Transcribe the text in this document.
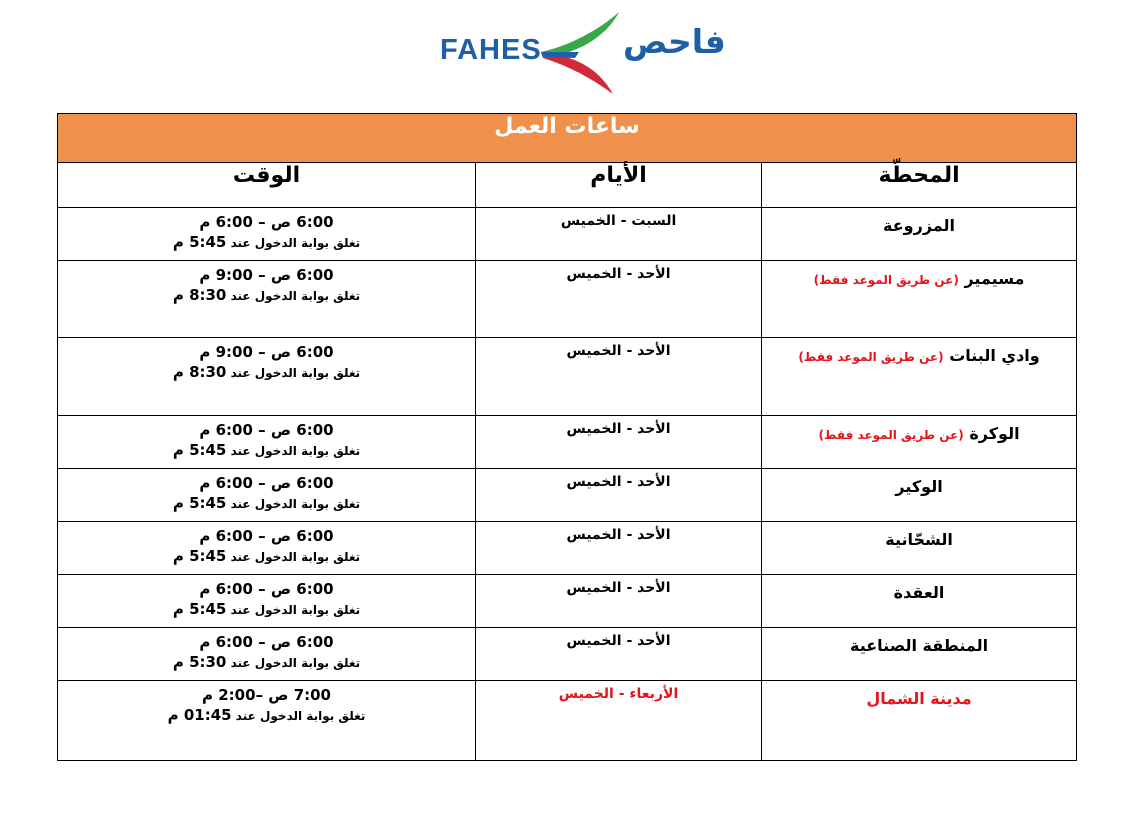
FAHES فاحص
ساعات العمل		
المحطّة	الأيام	الوقت
المزروعة	السبت - الخميس	6:00 ص – 6:00 م
تغلق بوابة الدخول عند 5:45 م

مسيمير (عن طريق الموعد فقط)	الأحد - الخميس	6:00 ص – 9:00 م
تغلق بوابة الدخول عند 8:30 م

وادي البنات (عن طريق الموعد فقط)	الأحد - الخميس	6:00 ص – 9:00 م
تغلق بوابة الدخول عند 8:30 م

الوكرة (عن طريق الموعد فقط)	الأحد - الخميس	6:00 ص – 6:00 م
تغلق بوابة الدخول عند 5:45 م

الوكير	الأحد - الخميس	6:00 ص – 6:00 م
تغلق بوابة الدخول عند 5:45 م

الشحّانية	الأحد - الخميس	6:00 ص – 6:00 م
تغلق بوابة الدخول عند 5:45 م

العقدة	الأحد - الخميس	6:00 ص – 6:00 م
تغلق بوابة الدخول عند 5:45 م

المنطقة الصناعية	الأحد - الخميس	6:00 ص – 6:00 م
تغلق بوابة الدخول عند 5:30 م

مدينة الشمال	الأربعاء - الخميس	7:00 ص –2:00 م
تغلق بوابة الدخول عند 01:45 م
